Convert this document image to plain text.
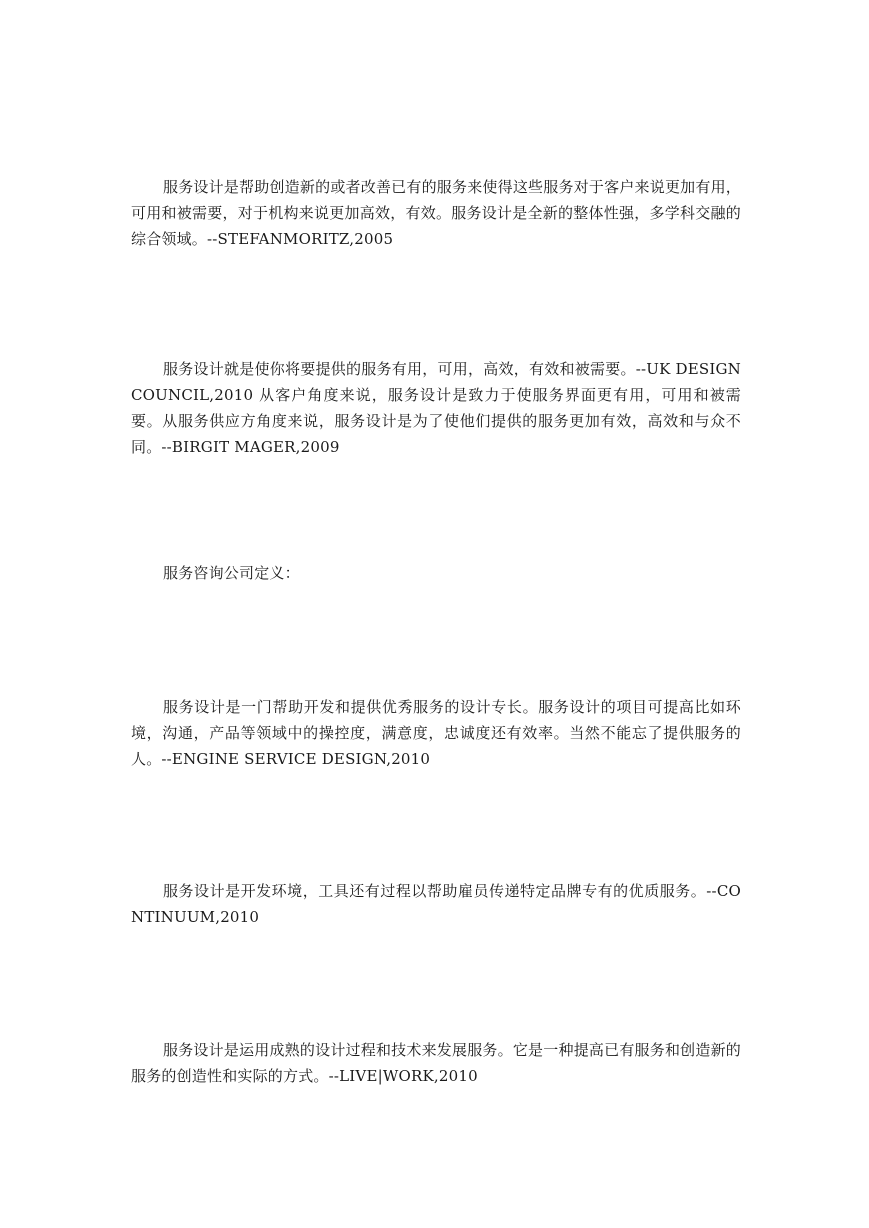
服务设计是帮助创造新的或者改善已有的服务来使得这些服务对于客户来说更加有用，可用和被需要，对于机构来说更加高效，有效。服务设计是全新的整体性强，多学科交融的综合领域。--STEFANMORITZ,2005

服务设计就是使你将要提供的服务有用，可用，高效，有效和被需要。--UK DESIGN COUNCIL,2010 从客户角度来说，服务设计是致力于使服务界面更有用，可用和被需要。从服务供应方角度来说，服务设计是为了使他们提供的服务更加有效，高效和与众不同。--BIRGIT MAGER,2009

服务咨询公司定义：

服务设计是一门帮助开发和提供优秀服务的设计专长。服务设计的项目可提高比如环境，沟通，产品等领域中的操控度，满意度，忠诚度还有效率。当然不能忘了提供服务的人。--ENGINE SERVICE DESIGN,2010

服务设计是开发环境，工具还有过程以帮助雇员传递特定品牌专有的优质服务。--CONTINUUM,2010

服务设计是运用成熟的设计过程和技术来发展服务。它是一种提高已有服务和创造新的服务的创造性和实际的方式。--LIVE|WORK,2010
